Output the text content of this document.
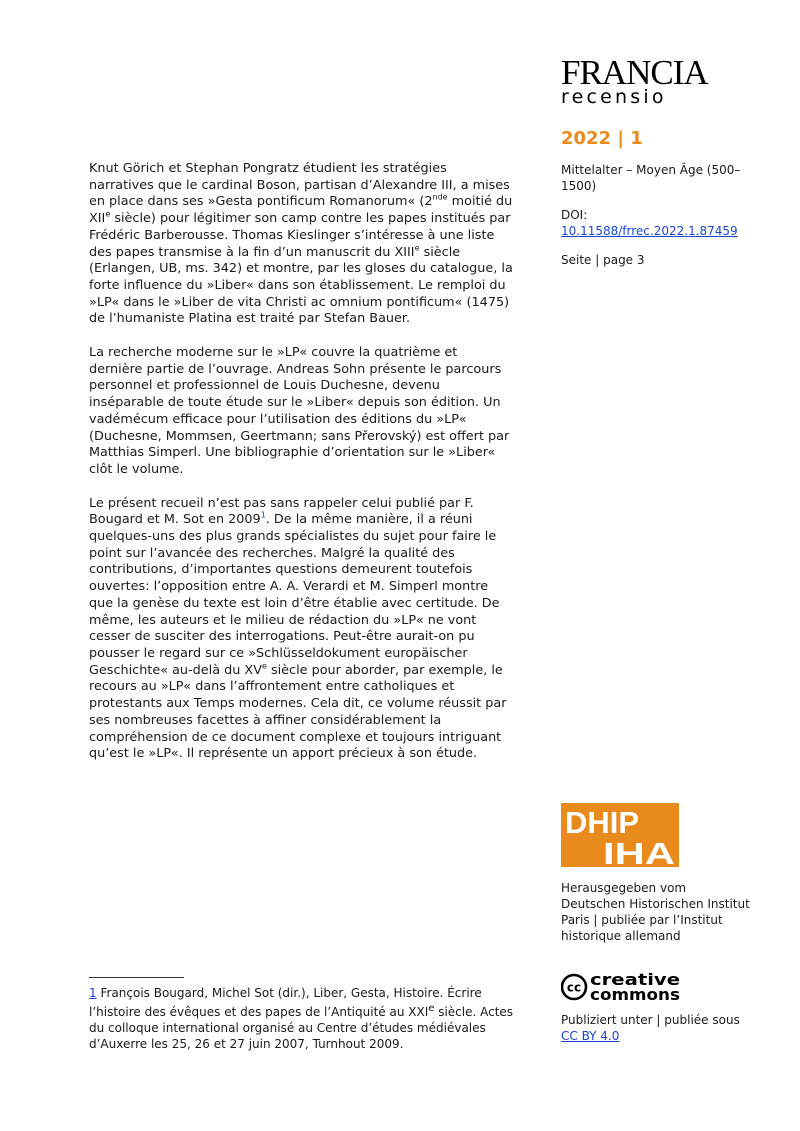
FRANCIA
recensio
2022 | 1
Mittelalter – Moyen Âge (500–1500)
DOI:
10.11588/frrec.2022.1.87459
Seite | page 3

Knut Görich et Stephan Pongratz étudient les stratégies narratives que le cardinal Boson, partisan d’Alexandre III, a mises en place dans ses »Gesta pontificum Romanorum« (2nde moitié du XIIe siècle) pour légitimer son camp contre les papes institués par Frédéric Barberousse. Thomas Kieslinger s’intéresse à une liste des papes transmise à la fin d’un manuscrit du XIIIe siècle (Erlangen, UB, ms. 342) et montre, par les gloses du catalogue, la forte influence du »Liber« dans son établissement. Le remploi du »LP« dans le »Liber de vita Christi ac omnium pontificum« (1475) de l’humaniste Platina est traité par Stefan Bauer.

La recherche moderne sur le »LP« couvre la quatrième et dernière partie de l’ouvrage. Andreas Sohn présente le parcours personnel et professionnel de Louis Duchesne, devenu inséparable de toute étude sur le »Liber« depuis son édition. Un vadémécum efficace pour l’utilisation des éditions du »LP« (Duchesne, Mommsen, Geertmann; sans Přerovský) est offert par Matthias Simperl. Une bibliographie d’orientation sur le »Liber« clôt le volume.

Le présent recueil n’est pas sans rappeler celui publié par F. Bougard et M. Sot en 2009$^1$. De la même manière, il a réuni quelques-uns des plus grands spécialistes du sujet pour faire le point sur l’avancée des recherches. Malgré la qualité des contributions, d’importantes questions demeurent toutefois ouvertes: l’opposition entre A. A. Verardi et M. Simperl montre que la genèse du texte est loin d’être établie avec certitude. De même, les auteurs et le milieu de rédaction du »LP« ne vont cesser de susciter des interrogations. Peut-être aurait-on pu pousser le regard sur ce »Schlüsseldokument europäischer Geschichte« au-delà du XVe siècle pour aborder, par exemple, le recours au »LP« dans l’affrontement entre catholiques et protestants aux Temps modernes. Cela dit, ce volume réussit par ses nombreuses facettes à affiner considérablement la compréhension de ce document complexe et toujours intriguant qu’est le »LP«. Il représente un apport précieux à son étude.

DHIP
IHA
Herausgegeben vom Deutschen Historischen Institut Paris | publiée par l’Institut historique allemand
cc creative
commons
Publiziert unter | publiée sous
CC BY 4.0
1 François Bougard, Michel Sot (dir.), Liber, Gesta, Histoire. Écrire l’histoire des évêques et des papes de l’Antiquité au XXIe siècle. Actes du colloque international organisé au Centre d’études médiévales d’Auxerre les 25, 26 et 27 juin 2007, Turnhout 2009.
